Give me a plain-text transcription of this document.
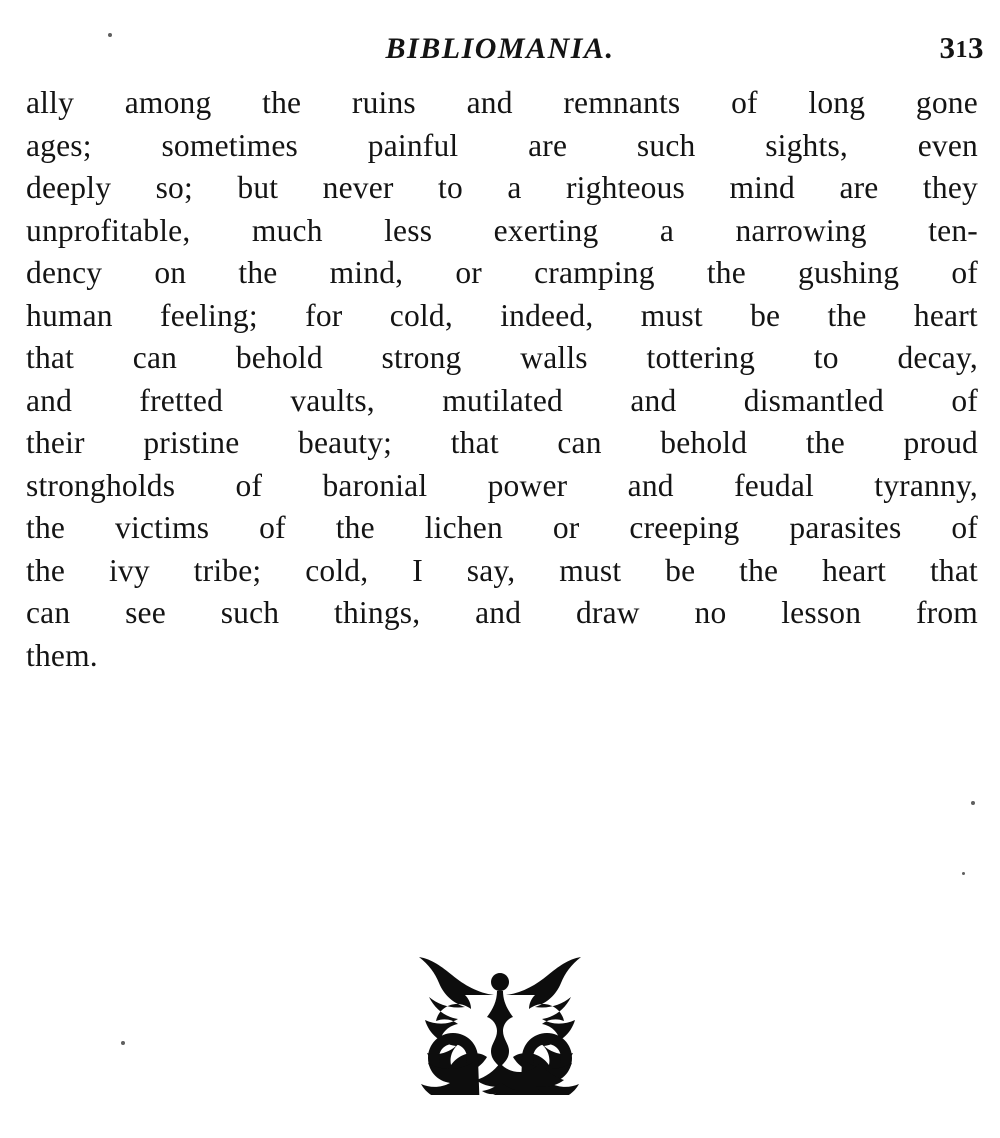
BIBLIOMANIA.	313
ally among the ruins and remnants of long gone
ages; sometimes painful are such sights, even
deeply so; but never to a righteous mind are they
unprofitable, much less exerting a narrowing ten-
dency on the mind, or cramping the gushing of
human feeling; for cold, indeed, must be the heart
that can behold strong walls tottering to decay,
and fretted vaults, mutilated and dismantled of
their pristine beauty; that can behold the proud
strongholds of baronial power and feudal tyranny,
the victims of the lichen or creeping parasites of
the ivy tribe; cold, I say, must be the heart that
can see such things, and draw no lesson from
them.
